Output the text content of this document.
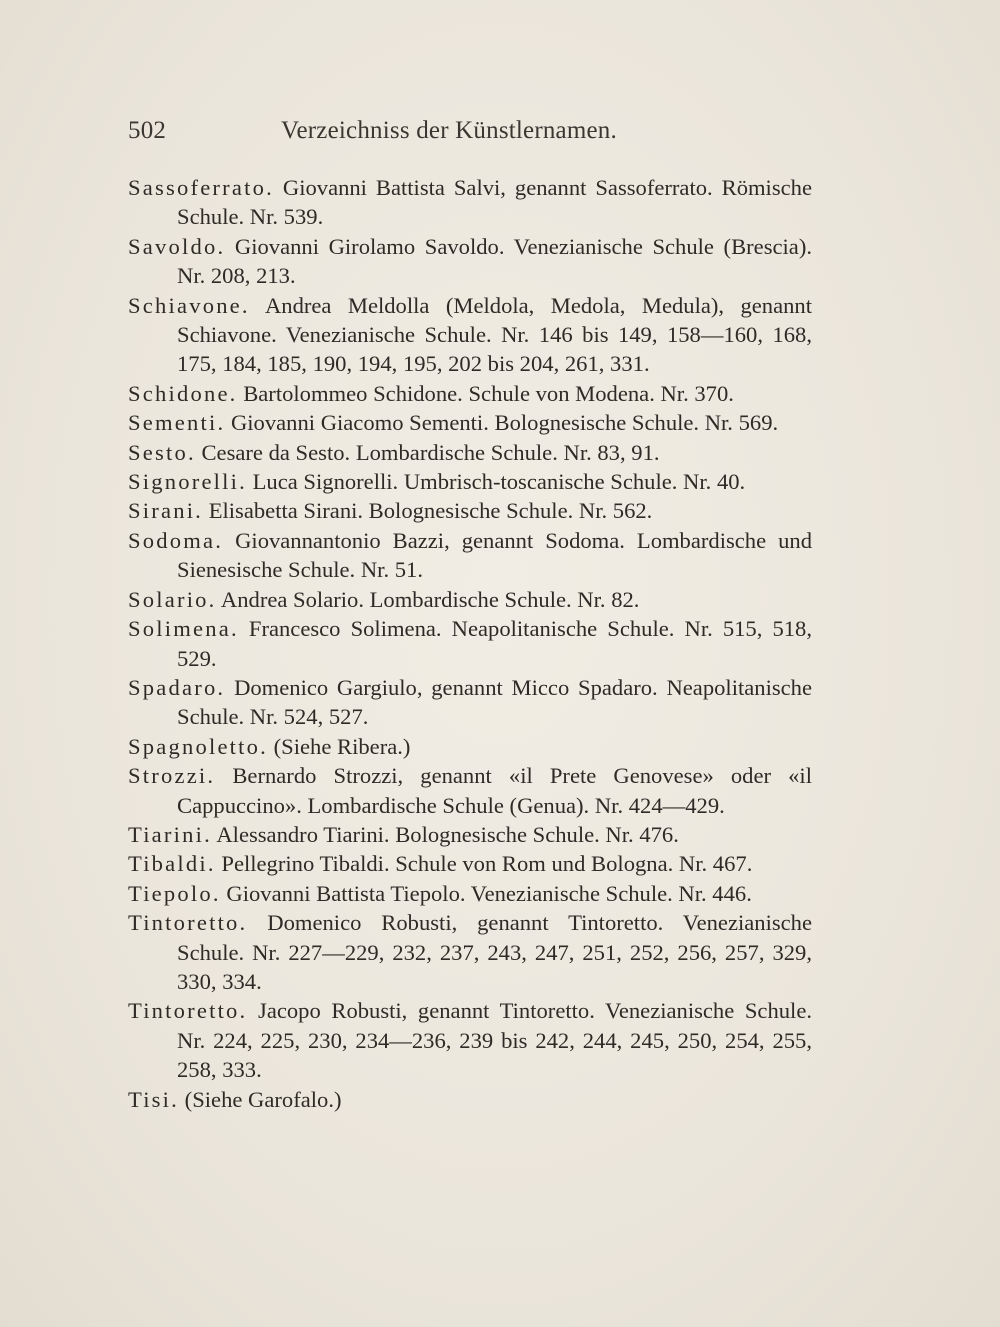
502	Verzeichniss der Künstlernamen.

Sassoferrato. Giovanni Battista Salvi, genannt Sassoferrato. Römische Schule. Nr. 539.

Savoldo. Giovanni Girolamo Savoldo. Venezianische Schule (Brescia). Nr. 208, 213.

Schiavone. Andrea Meldolla (Meldola, Medola, Medula), genannt Schiavone. Venezianische Schule. Nr. 146 bis 149, 158—160, 168, 175, 184, 185, 190, 194, 195, 202 bis 204, 261, 331.

Schidone. Bartolommeo Schidone. Schule von Modena. Nr. 370.

Sementi. Giovanni Giacomo Sementi. Bolognesische Schule. Nr. 569.

Sesto. Cesare da Sesto. Lombardische Schule. Nr. 83, 91.

Signorelli. Luca Signorelli. Umbrisch-toscanische Schule. Nr. 40.

Sirani. Elisabetta Sirani. Bolognesische Schule. Nr. 562.

Sodoma. Giovannantonio Bazzi, genannt Sodoma. Lombardische und Sienesische Schule. Nr. 51.

Solario. Andrea Solario. Lombardische Schule. Nr. 82.

Solimena. Francesco Solimena. Neapolitanische Schule. Nr. 515, 518, 529.

Spadaro. Domenico Gargiulo, genannt Micco Spadaro. Neapolitanische Schule. Nr. 524, 527.

Spagnoletto. (Siehe Ribera.)

Strozzi. Bernardo Strozzi, genannt «il Prete Genovese» oder «il Cappuccino». Lombardische Schule (Genua). Nr. 424—429.

Tiarini. Alessandro Tiarini. Bolognesische Schule. Nr. 476.

Tibaldi. Pellegrino Tibaldi. Schule von Rom und Bologna. Nr. 467.

Tiepolo. Giovanni Battista Tiepolo. Venezianische Schule. Nr. 446.

Tintoretto. Domenico Robusti, genannt Tintoretto. Venezianische Schule. Nr. 227—229, 232, 237, 243, 247, 251, 252, 256, 257, 329, 330, 334.

Tintoretto. Jacopo Robusti, genannt Tintoretto. Venezianische Schule. Nr. 224, 225, 230, 234—236, 239 bis 242, 244, 245, 250, 254, 255, 258, 333.

Tisi. (Siehe Garofalo.)
